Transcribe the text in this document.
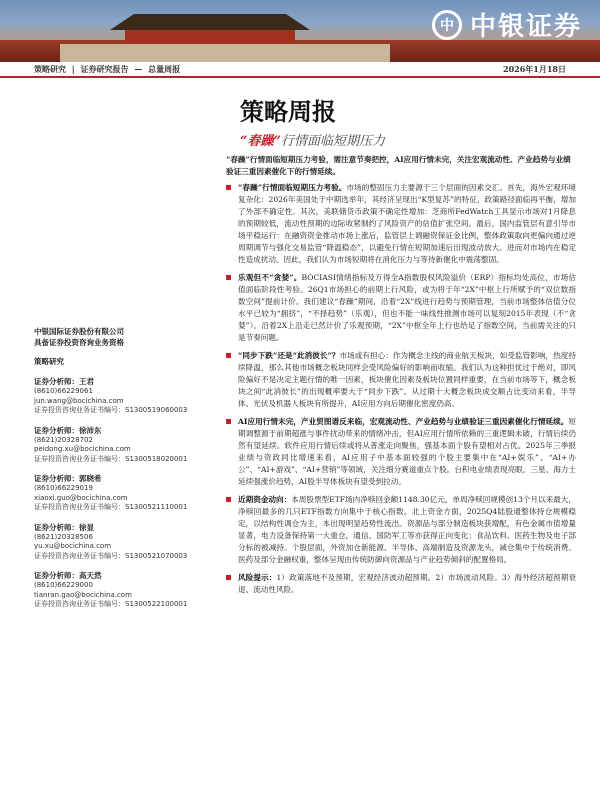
中 中银证券
策略研究 | 证券研究报告 — 总量周报	2026年1月18日
策略周报
“春躁”行情面临短期压力
“春躁”行情面临短期压力考验，需注意节奏把控，AI应用行情未完，关注宏观流动性、产业趋势与业绩验证三重因素催化下的行情延续。
中银国际证券股份有限公司
具备证券投资咨询业务资格
策略研究
证券分析师：王君
(8610)66229061
jun.wang@bocichina.com
证券投资咨询业务证书编号：S1300519060003
证券分析师：徐沛东
(8621)20328702
peidong.xu@bocichina.com
证券投资咨询业务证书编号：S1300518020001
证券分析师：郭晓希
(8610)66229019
xiaoxi.guo@bocichina.com
证券投资咨询业务证书编号：S1300521110001
证券分析师：徐显
(8621)20328506
yu.xu@bocichina.com
证券投资咨询业务证书编号：S1300521070003
证券分析师：高天然
(8610)66229000
tianran.gao@bocichina.com
证券投资咨询业务证书编号：S1300522100001

“春躁”行情面临短期压力考验。市场的整固压力主要源于三个层面的因素交汇。首先，海外宏观环境复杂化：2026年美国处于中期选举年，其经济呈现出“K型复苏”的特征，政策路径面临再平衡，增加了外部不确定性。其次，美联储货币政策不确定性增加：芝商所FedWatch工具显示市场对1月降息的预期较低，流动性预期的边际收紧制约了风险资产的估值扩张空间。最后，国内监管层有意引导市场平稳运行：在融资资金推动市场上涨后，监管层上调融资保证金比例，整体政策取向更偏向通过逆周期调节与强化交易监管“降温稳态”，以避免行情在短期加速后出现波动放大、进而对市场内在稳定性造成扰动。因此，我们认为市场短期将在消化压力与等待新催化中震荡整固。

乐观但不“贪婪”。BOCIASI情绪指标及万得全A指数股权风险溢价（ERP）指标均处高位，市场估值面临阶段性考验。26Q1市场担心的前期上行风险，或为将于年“2X”中枢上行所赋予的“双位数指数空间”提前计价。我们建议“春躁”期间，沿着“2X”线进行趋势与预期管理，当前市场整体估值分位水平已较为“拥挤”，“不择趋势”（乐观），但也不能一味线性推测市场可以复刻2015年表现（不“贪婪”）。沿着2X上沿走已然计价了乐观预期，“2X”中枢全年上行也给足了指数空间，当前需关注的只是节奏问题。

“同步下跌”还是“此消彼长”？市场或有担心：作为概念主线的商业航天板块，如受监管影响，热度持续降温，那么其他市场概念板块同样会受风险偏好的影响而收缩。我们认为这种担忧过于绝对，即风险偏好不是决定主题行情的唯一因素，板块催化因素及板块位置同样重要，在当前市场等下，概念板块之间“此消彼长”的出现概率要大于“同步下跌”。从过期十大概念板块成交额占比变动来看，半导体、光伏及机器人板块有所提升，AI应用方向后期催化密度仍高。

AI应用行情未完，产业贸图谱反来临，宏观流动性、产业趋势与业绩验证三重因素催化行情延续。短期调整源于前期超涨与事件扰动带来的情绪冲击，但AI应用行情所依赖的三重逻辑未破，行情后续仍然有望延续。软件应用行情后续或将从普涨走向聚焦，强基本面个股有望相对占优。2025年三季报业绩与资政同比增速来看，AI应用子中基本面较强的个股主要集中在“AI+娱乐”、“AI+办公”、“AI+游戏”、“AI+营销”等领域，关注细分赛道重点个股。台积电业绩表现亮眼，三星、海力士延续强涨价趋势，AI股半导体板块有望受到拉动。

近期资金动向：本周股票型ETF场内净赎回金额1148.30亿元，单周净赎回规模创13个月以来最大，净赎回最多的几只ETF指数方向集中于核心指数。北上资金方面，2025Q4陆股通整体持仓规模稳定，以结构性调仓为主，本出现明显趋势性流出。资源品与部分制造板块获增配，有色金属市值增量显著，电力设备保持第一大重仓，通信、国防军工等亦获得正向变化；食品饮料、医药生物及电子部分标的被减持。个股层面，外资加仓新能源、半导体、高端制造及资源龙头，减仓集中于传统消费、医药及部分金融权重，整体呈现由传统防御向资源品与产业趋势倾斜的配置格局。

风险提示：1）政策落地不及预期，宏观经济波动超预期。2）市场波动风险。3）海外经济超预期衰退、流动性风险。
